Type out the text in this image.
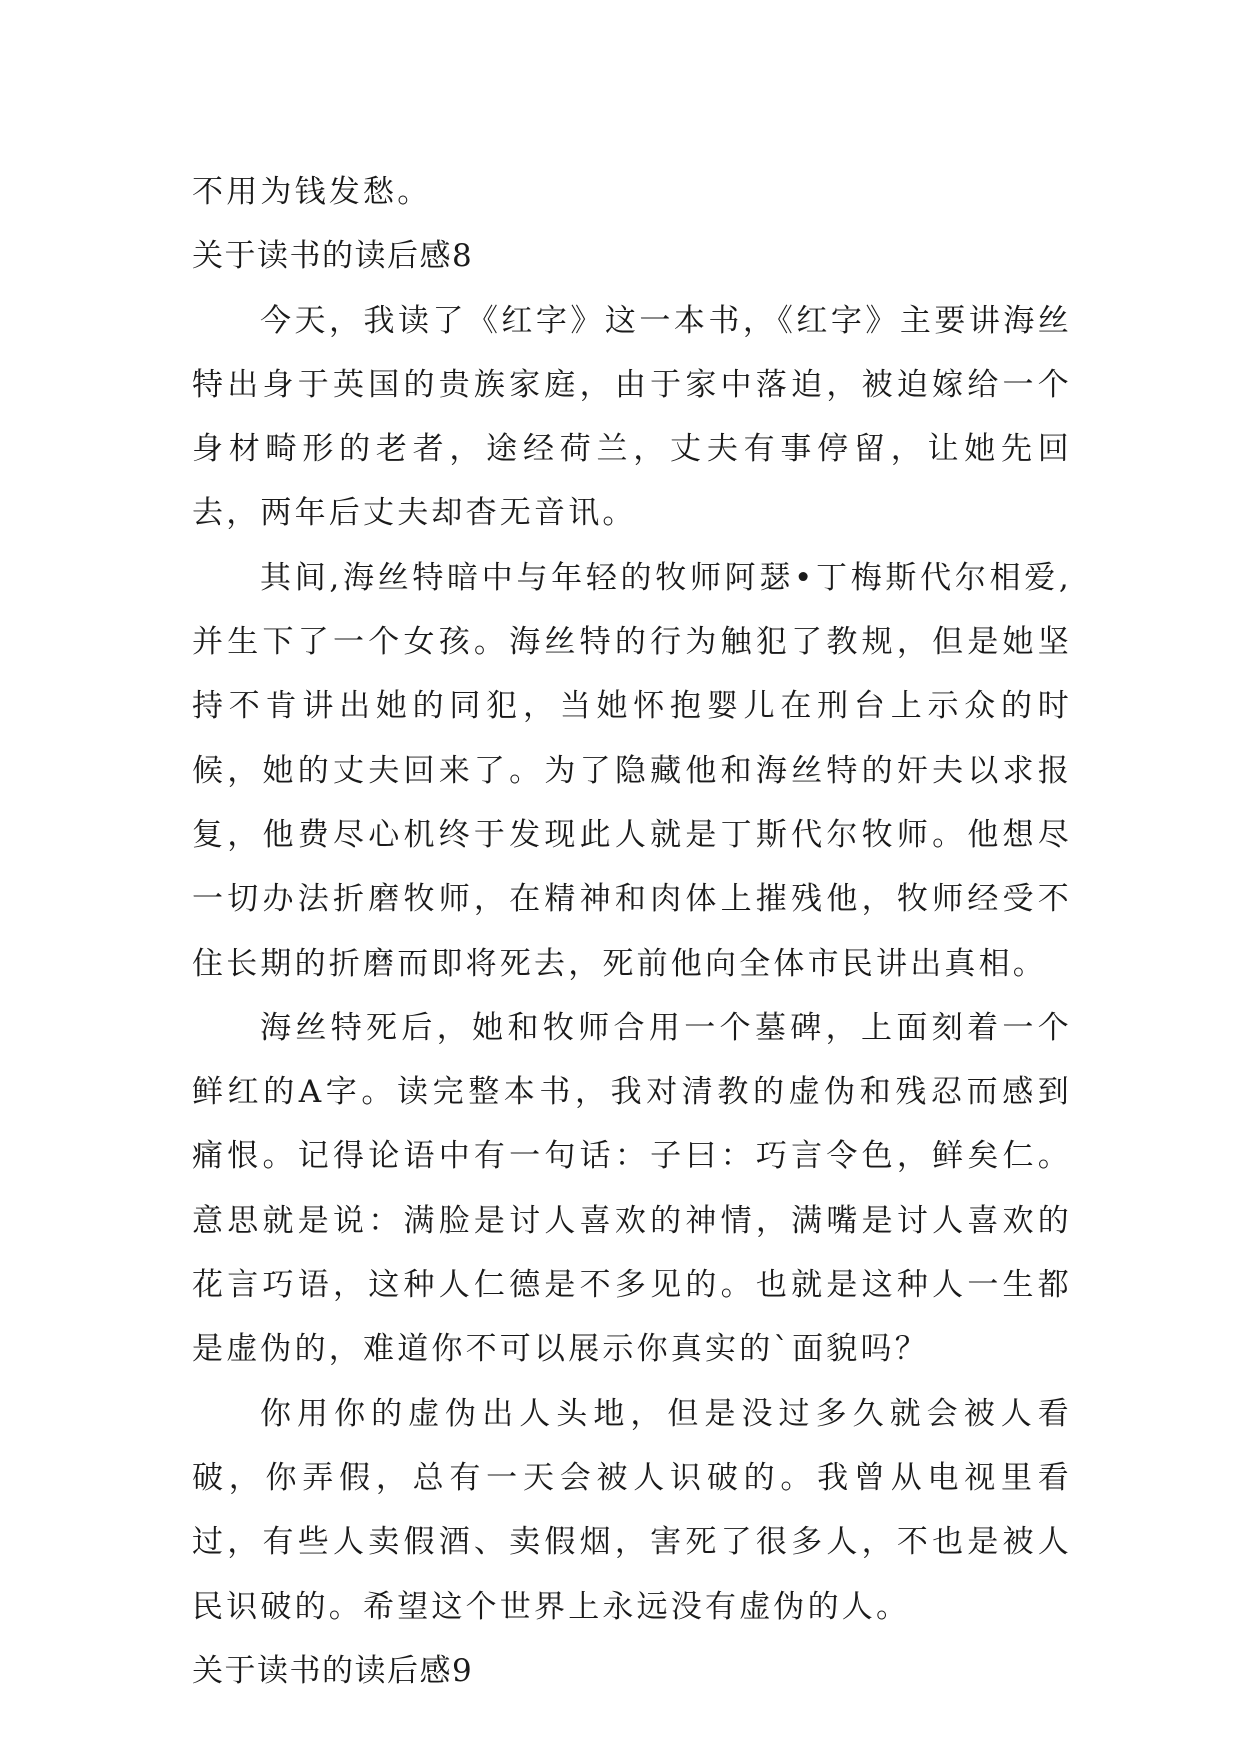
不用为钱发愁。

关于读书的读后感8

今天，我读了《红字》这一本书，《红字》主要讲海丝特出身于英国的贵族家庭，由于家中落迫，被迫嫁给一个身材畸形的老者，途经荷兰，丈夫有事停留，让她先回去，两年后丈夫却杳无音讯。

其间,海丝特暗中与年轻的牧师阿瑟•丁梅斯代尔相爱,并生下了一个女孩。海丝特的行为触犯了教规，但是她坚持不肯讲出她的同犯，当她怀抱婴儿在刑台上示众的时候，她的丈夫回来了。为了隐藏他和海丝特的奸夫以求报复，他费尽心机终于发现此人就是丁斯代尔牧师。他想尽一切办法折磨牧师，在精神和肉体上摧残他，牧师经受不住长期的折磨而即将死去，死前他向全体市民讲出真相。

海丝特死后，她和牧师合用一个墓碑，上面刻着一个鲜红的A字。读完整本书，我对清教的虚伪和残忍而感到痛恨。记得论语中有一句话：子曰：巧言令色，鲜矣仁。意思就是说：满脸是讨人喜欢的神情，满嘴是讨人喜欢的花言巧语，这种人仁德是不多见的。也就是这种人一生都是虚伪的，难道你不可以展示你真实的`面貌吗？

你用你的虚伪出人头地，但是没过多久就会被人看破，你弄假，总有一天会被人识破的。我曾从电视里看过，有些人卖假酒、卖假烟，害死了很多人，不也是被人民识破的。希望这个世界上永远没有虚伪的人。

关于读书的读后感9
